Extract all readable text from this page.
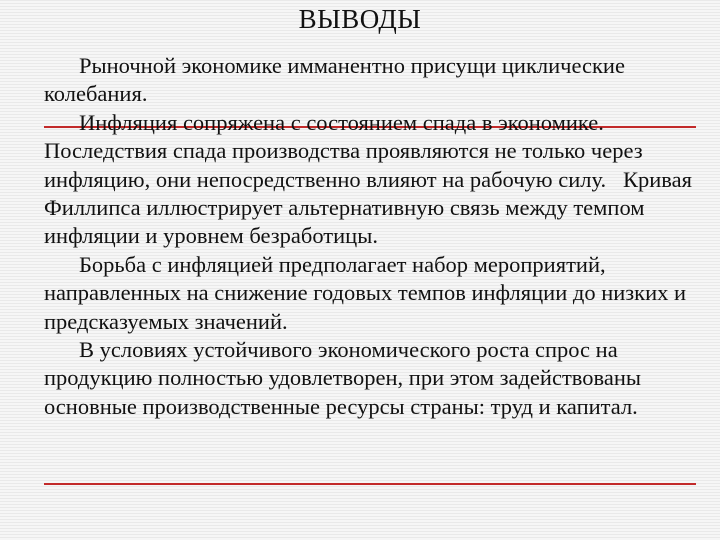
ВЫВОДЫ

Рыночной экономике имманентно присущи циклические колебания.

Инфляция сопряжена с состоянием спада в экономике. Последствия спада производства проявляются не только через инфляцию, они непосредственно влияют на рабочую силу.   Кривая Филлипса иллюстрирует альтернативную связь между темпом инфляции и уровнем безработицы.

Борьба с инфляцией предполагает набор мероприятий, направленных на снижение годовых темпов инфляции до низких и предсказуемых значений.

В условиях устойчивого экономического роста спрос на продукцию полностью удовлетворен, при этом задействованы основные производственные ресурсы страны: труд и капитал.
